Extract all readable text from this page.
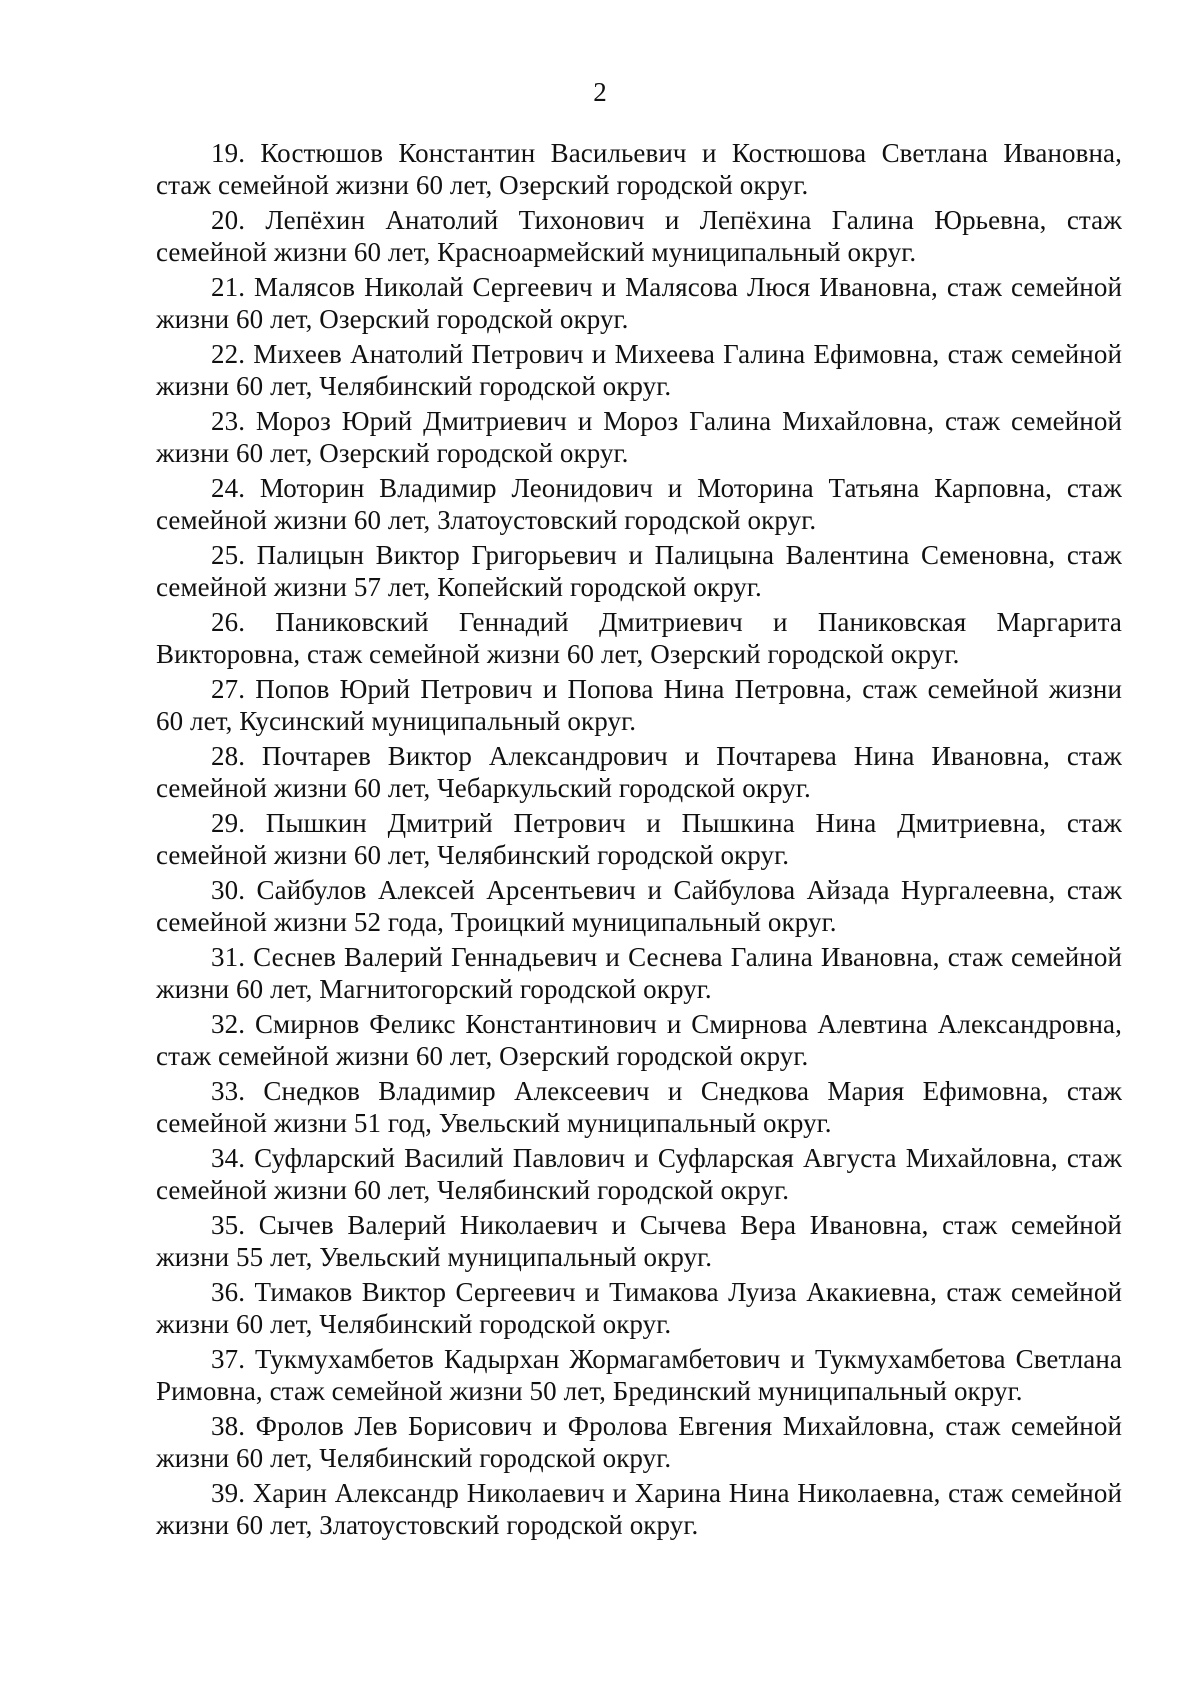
2

19. Костюшов Константин Васильевич и Костюшова Светлана Ивановна, стаж семейной жизни 60 лет, Озерский городской округ.

20. Лепёхин Анатолий Тихонович и Лепёхина Галина Юрьевна, стаж семейной жизни 60 лет, Красноармейский муниципальный округ.

21. Малясов Николай Сергеевич и Малясова Люся Ивановна, стаж семейной жизни 60 лет, Озерский городской округ.

22. Михеев Анатолий Петрович и Михеева Галина Ефимовна, стаж семейной жизни 60 лет, Челябинский городской округ.

23. Мороз Юрий Дмитриевич и Мороз Галина Михайловна, стаж семейной жизни 60 лет, Озерский городской округ.

24. Моторин Владимир Леонидович и Моторина Татьяна Карповна, стаж семейной жизни 60 лет, Златоустовский городской округ.

25. Палицын Виктор Григорьевич и Палицына Валентина Семеновна, стаж семейной жизни 57 лет, Копейский городской округ.

26. Паниковский Геннадий Дмитриевич и Паниковская Маргарита Викторовна, стаж семейной жизни 60 лет, Озерский городской округ.

27. Попов Юрий Петрович и Попова Нина Петровна, стаж семейной жизни 60 лет, Кусинский муниципальный округ.

28. Почтарев Виктор Александрович и Почтарева Нина Ивановна, стаж семейной жизни 60 лет, Чебаркульский городской округ.

29. Пышкин Дмитрий Петрович и Пышкина Нина Дмитриевна, стаж семейной жизни 60 лет, Челябинский городской округ.

30. Сайбулов Алексей Арсентьевич и Сайбулова Айзада Нургалеевна, стаж семейной жизни 52 года, Троицкий муниципальный округ.

31. Сеснев Валерий Геннадьевич и Сеснева Галина Ивановна, стаж семейной жизни 60 лет, Магнитогорский городской округ.

32. Смирнов Феликс Константинович и Смирнова Алевтина Александровна, стаж семейной жизни 60 лет, Озерский городской округ.

33. Снедков Владимир Алексеевич и Снедкова Мария Ефимовна, стаж семейной жизни 51 год, Увельский муниципальный округ.

34. Суфларский Василий Павлович и Суфларская Августа Михайловна, стаж семейной жизни 60 лет, Челябинский городской округ.

35. Сычев Валерий Николаевич и Сычева Вера Ивановна, стаж семейной жизни 55 лет, Увельский муниципальный округ.

36. Тимаков Виктор Сергеевич и Тимакова Луиза Акакиевна, стаж семейной жизни 60 лет, Челябинский городской округ.

37. Тукмухамбетов Кадырхан Жормагамбетович и Тукмухамбетова Светлана Римовна, стаж семейной жизни 50 лет, Брединский муниципальный округ.

38. Фролов Лев Борисович и Фролова Евгения Михайловна, стаж семейной жизни 60 лет, Челябинский городской округ.

39. Харин Александр Николаевич и Харина Нина Николаевна, стаж семейной жизни 60 лет, Златоустовский городской округ.
